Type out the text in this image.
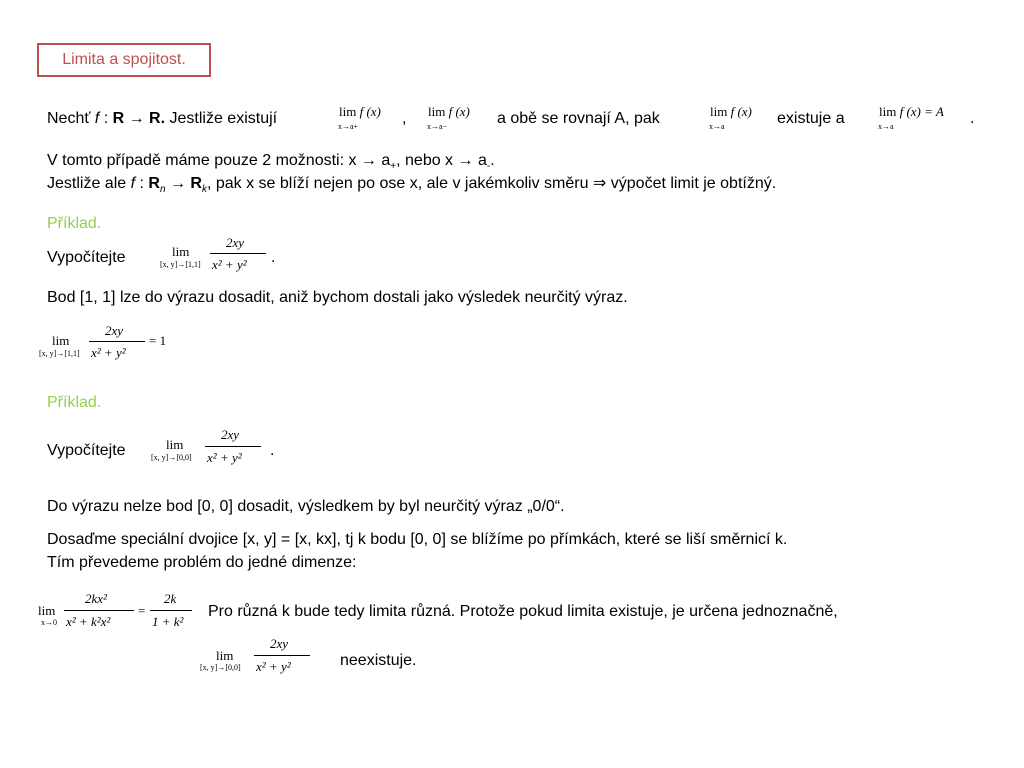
Limita a spojitost.
Nechť f : R → R. Jestliže existují	lim f (x)
x→a+	, lim f (x)
x→a−	a obě se rovnají A, pak	lim f (x)
x→a	existuje a	lim f (x) = A
x→a	.
V tomto případě máme pouze 2 možnosti: $x \to a_+$, nebo $x \to a_-$.
Jestliže ale f : $R_n \to R_k$, pak x se blíží nejen po ose x, ale v jakémkoliv směru ⇒ výpočet limit je obtížný.
Příklad.
Vypočítejte	lim
[x, y]→[1,1]
2xy
x² + y² .
Bod [1, 1] lze do výrazu dosadit, aniž bychom dostali jako výsledek neurčitý výraz.
lim
[x, y]→[1,1]
2xy
x² + y²
= 1
Příklad.
Vypočítejte	lim
[x, y]→[0,0]
2xy
x² + y² .
Do výrazu nelze bod [0, 0] dosadit, výsledkem by byl neurčitý výraz „0/0“.
Dosaďme speciální dvojice [x, y] = [x, kx], tj k bodu [0, 0] se blížíme po přímkách, které se liší směrnicí k.
Tím převedeme problém do jedné dimenze:
lim
x→0
2kx²
x² + k²x²
=
2k
1 + k²
Pro různá k bude tedy limita různá. Protože pokud limita existuje, je určena jednoznačně,
lim
[x, y]→[0,0]
2xy
x² + y²	neexistuje.
